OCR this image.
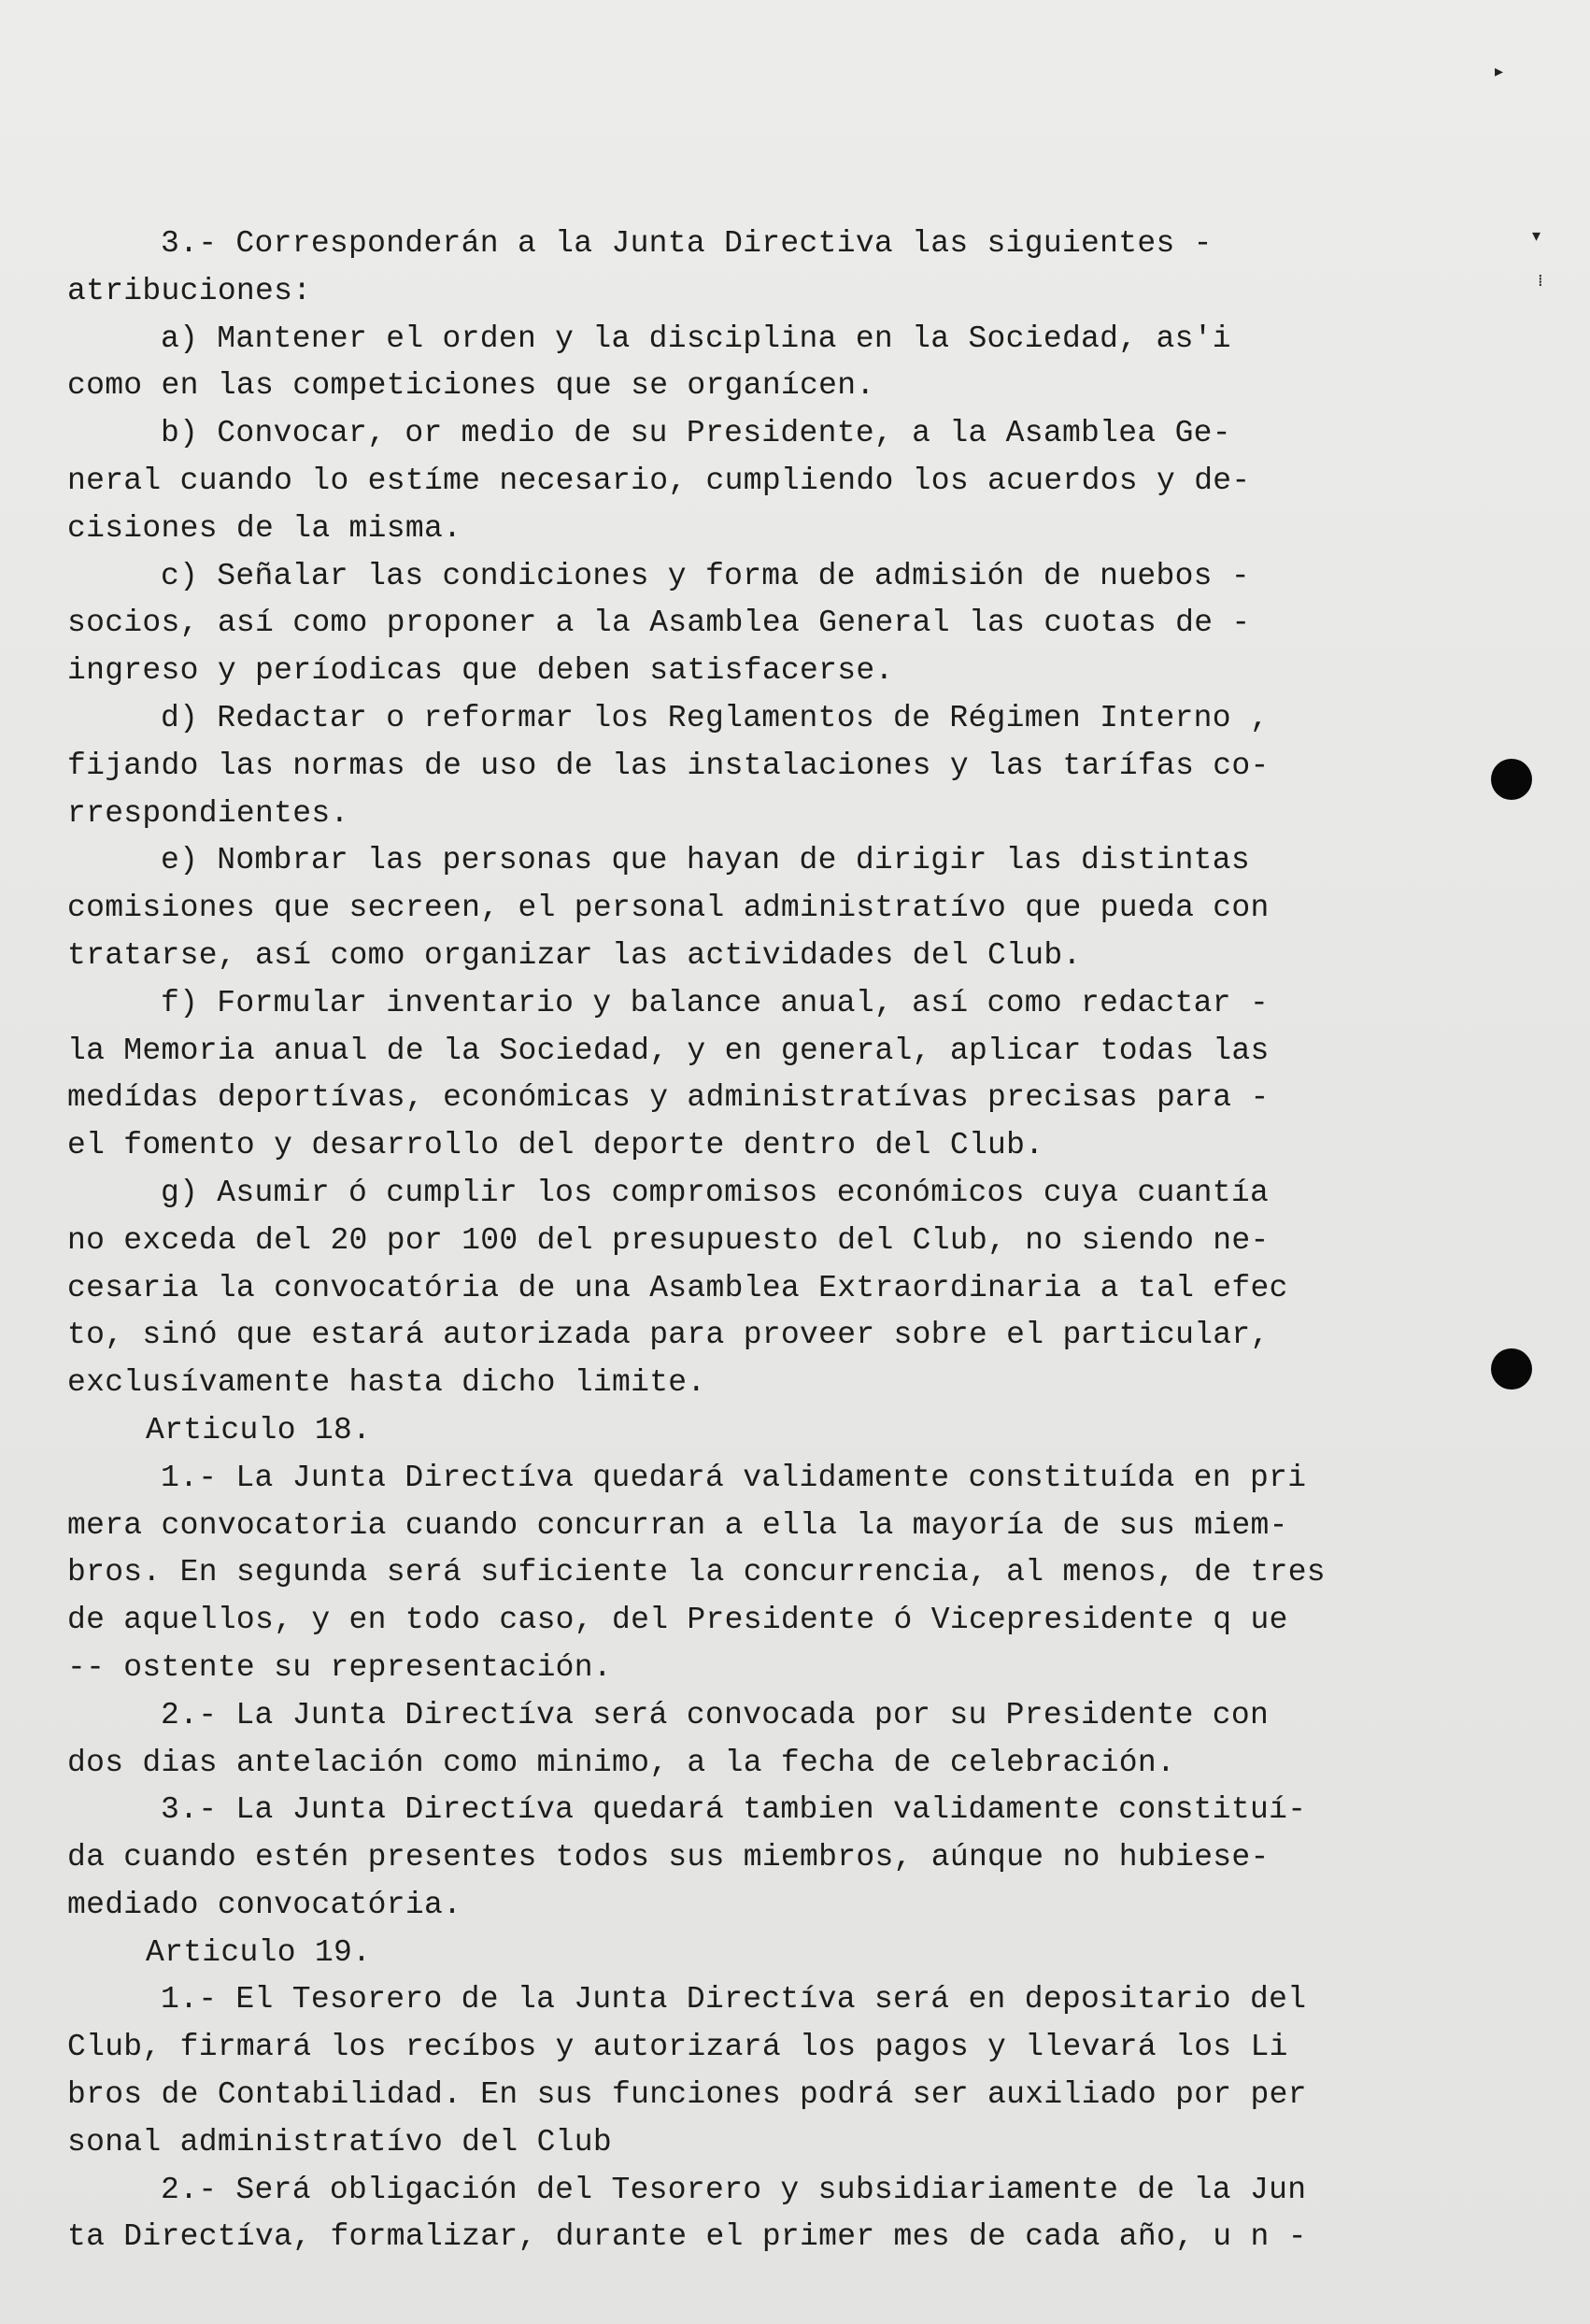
3.- Corresponderán a la Junta Directiva las siguientes -
atribuciones:
a) Mantener el orden y la disciplina en la Sociedad, as'i
como en las competiciones que se organícen.
b) Convocar, or medio de su Presidente, a la Asamblea Ge-
neral cuando lo estíme necesario, cumpliendo los acuerdos y de-
cisiones de la misma.
c) Señalar las condiciones y forma de admisión de nuebos -
socios, así como proponer a la Asamblea General las cuotas de -
ingreso y períodicas que deben satisfacerse.
d) Redactar o reformar los Reglamentos de Régimen Interno ,
fijando las normas de uso de las instalaciones y las tarífas co-
rrespondientes.
e) Nombrar las personas que hayan de dirigir las distintas
comisiones que secreen, el personal administratívo que pueda con
tratarse, así como organizar las actividades del Club.
f) Formular inventario y balance anual, así como redactar -
la Memoria anual de la Sociedad, y en general, aplicar todas las
medídas deportívas, económicas y administratívas precisas para -
el fomento y desarrollo del deporte dentro del Club.
g) Asumir ó cumplir los compromisos económicos cuya cuantía
no exceda del 20 por 100 del presupuesto del Club, no siendo ne-
cesaria la convocatória de una Asamblea Extraordinaria a tal efec
to, sinó que estará autorizada para proveer sobre el particular,
exclusívamente hasta dicho limite.
Articulo 18.
1.- La Junta Directíva quedará validamente constituída en pri
mera convocatoria cuando concurran a ella la mayoría de sus miem-
bros. En segunda será suficiente la concurrencia, al menos, de tres
de aquellos, y en todo caso, del Presidente ó Vicepresidente q ue
-- ostente su representación.
2.- La Junta Directíva será convocada por su Presidente con
dos dias antelación como minimo, a la fecha de celebración.
3.- La Junta Directíva quedará tambien validamente constituí-
da cuando estén presentes todos sus miembros, aúnque no hubiese-
mediado convocatória.
Articulo 19.
1.- El Tesorero de la Junta Directíva será en depositario del
Club, firmará los recíbos y autorizará los pagos y llevará los Li
bros de Contabilidad. En sus funciones podrá ser auxiliado por per
sonal administratívo del Club
2.- Será obligación del Tesorero y subsidiariamente de la Jun
ta Directíva, formalizar, durante el primer mes de cada año, u n -
▸
▾
⁞
